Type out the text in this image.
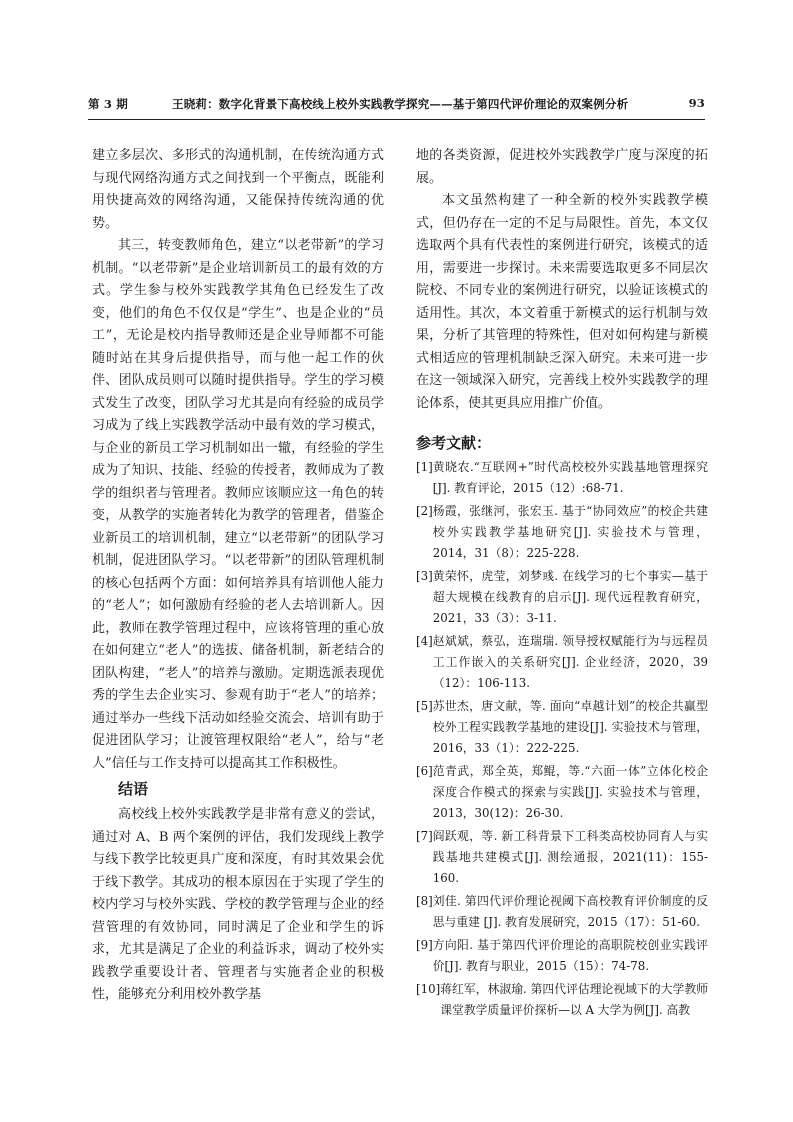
第 3 期	王晓莉：数字化背景下高校线上校外实践教学探究——基于第四代评价理论的双案例分析	93

建立多层次、多形式的沟通机制，在传统沟通方式与现代网络沟通方式之间找到一个平衡点，既能利用快捷高效的网络沟通，又能保持传统沟通的优势。

其三，转变教师角色，建立“以老带新”的学习机制。“以老带新”是企业培训新员工的最有效的方式。学生参与校外实践教学其角色已经发生了改变，他们的角色不仅仅是“学生”、也是企业的“员工”，无论是校内指导教师还是企业导师都不可能随时站在其身后提供指导，而与他一起工作的伙伴、团队成员则可以随时提供指导。学生的学习模式发生了改变，团队学习尤其是向有经验的成员学习成为了线上实践教学活动中最有效的学习模式，与企业的新员工学习机制如出一辙，有经验的学生成为了知识、技能、经验的传授者，教师成为了教学的组织者与管理者。教师应该顺应这一角色的转变，从教学的实施者转化为教学的管理者，借鉴企业新员工的培训机制，建立“以老带新”的团队学习机制，促进团队学习。“以老带新”的团队管理机制的核心包括两个方面：如何培养具有培训他人能力的“老人”；如何激励有经验的老人去培训新人。因此，教师在教学管理过程中，应该将管理的重心放在如何建立“老人”的选拔、储备机制，新老结合的团队构建，“老人”的培养与激励。定期选派表现优秀的学生去企业实习、参观有助于“老人”的培养；通过举办一些线下活动如经验交流会、培训有助于促进团队学习；让渡管理权限给“老人”，给与“老人”信任与工作支持可以提高其工作积极性。

结语

高校线上校外实践教学是非常有意义的尝试，通过对 A、B 两个案例的评估，我们发现线上教学与线下教学比较更具广度和深度，有时其效果会优于线下教学。其成功的根本原因在于实现了学生的校内学习与校外实践、学校的教学管理与企业的经营管理的有效协同，同时满足了企业和学生的诉求，尤其是满足了企业的利益诉求，调动了校外实践教学重要设计者、管理者与实施者企业的积极性，能够充分利用校外教学基

地的各类资源，促进校外实践教学广度与深度的拓展。

本文虽然构建了一种全新的校外实践教学模式，但仍存在一定的不足与局限性。首先，本文仅选取两个具有代表性的案例进行研究，该模式的适用，需要进一步探讨。未来需要选取更多不同层次院校、不同专业的案例进行研究，以验证该模式的适用性。其次，本文着重于新模式的运行机制与效果，分析了其管理的特殊性，但对如何构建与新模式相适应的管理机制缺乏深入研究。未来可进一步在这一领域深入研究，完善线上校外实践教学的理论体系，使其更具应用推广价值。

参考文献：
[1] 黄晓农.“互联网+”时代高校校外实践基地管理探究[J]. 教育评论，2015（12）:68-71.
[2] 杨霞，张继河，张宏玉. 基于“协同效应”的校企共建校外实践教学基地研究[J]. 实验技术与管理，2014，31（8）：225-228.
[3] 黄荣怀，虎莹，刘梦彧. 在线学习的七个事实—基于超大规模在线教育的启示[J]. 现代远程教育研究，2021，33（3）：3-11.
[4] 赵斌斌，蔡弘，连瑞瑞. 领导授权赋能行为与远程员工工作嵌入的关系研究[J]. 企业经济，2020，39（12）：106-113.
[5] 苏世杰，唐文献，等. 面向“卓越计划”的校企共赢型校外工程实践教学基地的建设[J]. 实验技术与管理，2016，33（1）：222-225.
[6] 范青武，郑全英，郑鲲，等.“六面一体”立体化校企深度合作模式的探索与实践[J]. 实验技术与管理，2013，30(12)：26-30.
[7] 阎跃观，等. 新工科背景下工科类高校协同育人与实践基地共建模式[J]. 测绘通报，2021(11)：155-160.
[8] 刘佳. 第四代评价理论视阈下高校教育评价制度的反思与重建 [J]. 教育发展研究，2015（17）：51-60.
[9] 方向阳. 基于第四代评价理论的高职院校创业实践评价[J]. 教育与职业，2015（15）：74-78.
[10] 蒋红军，林淑瑜. 第四代评估理论视域下的大学教师课堂教学质量评价探析—以 A 大学为例[J]. 高教
